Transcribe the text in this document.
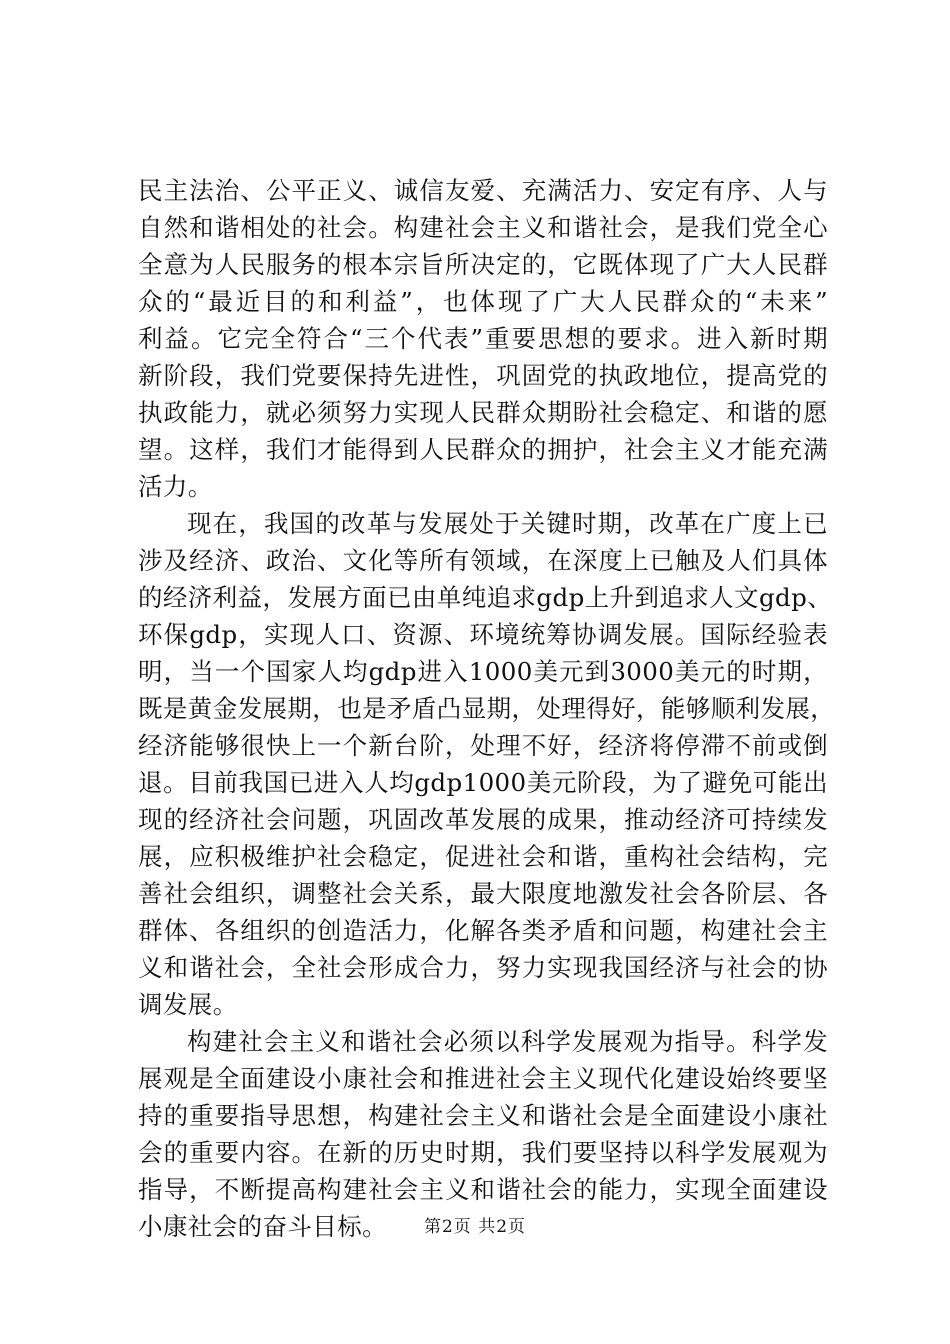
民主法治、公平正义、诚信友爱、充满活力、安定有序、人与
自然和谐相处的社会。构建社会主义和谐社会，是我们党全心
全意为人民服务的根本宗旨所决定的，它既体现了广大人民群
众的“最近目的和利益”，也体现了广大人民群众的“未来”
利益。它完全符合“三个代表”重要思想的要求。进入新时期
新阶段，我们党要保持先进性，巩固党的执政地位，提高党的
执政能力，就必须努力实现人民群众期盼社会稳定、和谐的愿
望。这样，我们才能得到人民群众的拥护，社会主义才能充满
活力。
现在，我国的改革与发展处于关键时期，改革在广度上已
涉及经济、政治、文化等所有领域，在深度上已触及人们具体
的经济利益，发展方面已由单纯追求gdp上升到追求人文gdp、
环保gdp，实现人口、资源、环境统筹协调发展。国际经验表
明，当一个国家人均gdp进入1000美元到3000美元的时期，
既是黄金发展期，也是矛盾凸显期，处理得好，能够顺利发展，
经济能够很快上一个新台阶，处理不好，经济将停滞不前或倒
退。目前我国已进入人均gdp1000美元阶段，为了避免可能出
现的经济社会问题，巩固改革发展的成果，推动经济可持续发
展，应积极维护社会稳定，促进社会和谐，重构社会结构，完
善社会组织，调整社会关系，最大限度地激发社会各阶层、各
群体、各组织的创造活力，化解各类矛盾和问题，构建社会主
义和谐社会，全社会形成合力，努力实现我国经济与社会的协
调发展。
构建社会主义和谐社会必须以科学发展观为指导。科学发
展观是全面建设小康社会和推进社会主义现代化建设始终要坚
持的重要指导思想，构建社会主义和谐社会是全面建设小康社
会的重要内容。在新的历史时期，我们要坚持以科学发展观为
指导，不断提高构建社会主义和谐社会的能力，实现全面建设
小康社会的奋斗目标。	第2页 共2页
